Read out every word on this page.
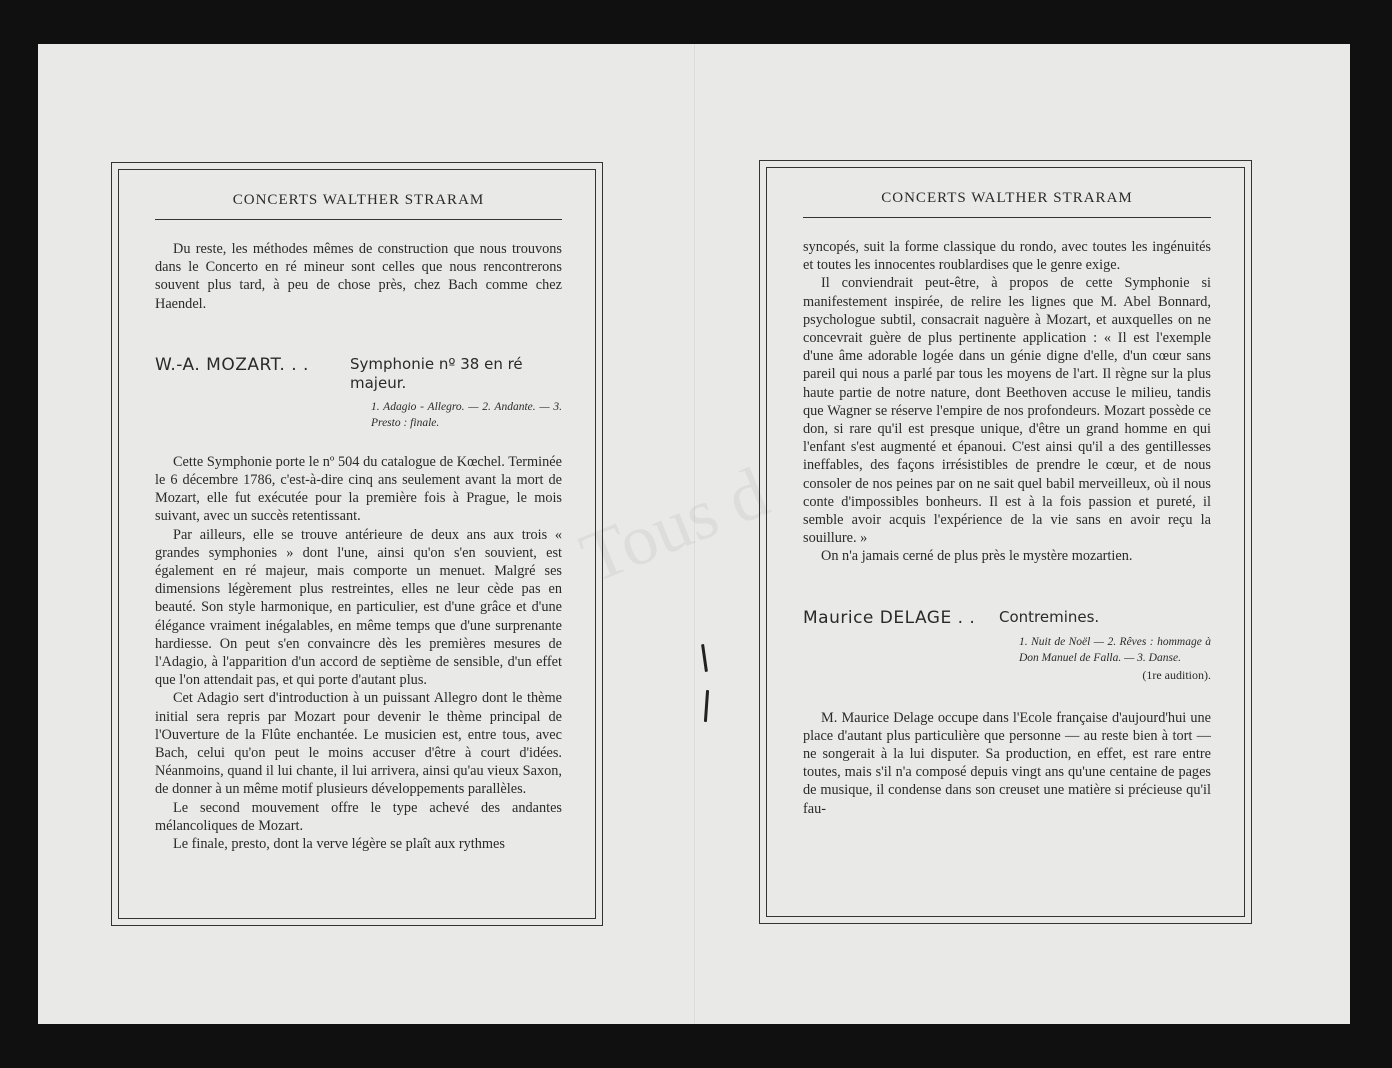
Tous d
CONCERTS WALTHER STRARAM

Du reste, les méthodes mêmes de construction que nous trouvons dans le Concerto en ré mineur sont celles que nous rencontrerons souvent plus tard, à peu de chose près, chez Bach comme chez Haendel.

W.-A. MOZART. . .	Symphonie nº 38 en ré majeur.
1. Adagio - Allegro. — 2. Andante. — 3. Presto : finale.

Cette Symphonie porte le nº 504 du catalogue de Kœchel. Terminée le 6 décembre 1786, c'est-à-dire cinq ans seulement avant la mort de Mozart, elle fut exécutée pour la première fois à Prague, le mois suivant, avec un succès retentissant.

Par ailleurs, elle se trouve antérieure de deux ans aux trois « grandes symphonies » dont l'une, ainsi qu'on s'en souvient, est également en ré majeur, mais comporte un menuet. Malgré ses dimensions légèrement plus restreintes, elles ne leur cède pas en beauté. Son style harmonique, en particulier, est d'une grâce et d'une élégance vraiment inégalables, en même temps que d'une surprenante hardiesse. On peut s'en convaincre dès les premières mesures de l'Adagio, à l'apparition d'un accord de septième de sensible, d'un effet que l'on attendait pas, et qui porte d'autant plus.

Cet Adagio sert d'introduction à un puissant Allegro dont le thème initial sera repris par Mozart pour devenir le thème principal de l'Ouverture de la Flûte enchantée. Le musicien est, entre tous, avec Bach, celui qu'on peut le moins accuser d'être à court d'idées. Néanmoins, quand il lui chante, il lui arrivera, ainsi qu'au vieux Saxon, de donner à un même motif plusieurs développements parallèles.

Le second mouvement offre le type achevé des andantes mélancoliques de Mozart.

Le finale, presto, dont la verve légère se plaît aux rythmes

CONCERTS WALTHER STRARAM

syncopés, suit la forme classique du rondo, avec toutes les ingénuités et toutes les innocentes roublardises que le genre exige.

Il conviendrait peut-être, à propos de cette Symphonie si manifestement inspirée, de relire les lignes que M. Abel Bonnard, psychologue subtil, consacrait naguère à Mozart, et auxquelles on ne concevrait guère de plus pertinente application : « Il est l'exemple d'une âme adorable logée dans un génie digne d'elle, d'un cœur sans pareil qui nous a parlé par tous les moyens de l'art. Il règne sur la plus haute partie de notre nature, dont Beethoven accuse le milieu, tandis que Wagner se réserve l'empire de nos profondeurs. Mozart possède ce don, si rare qu'il est presque unique, d'être un grand homme en qui l'enfant s'est augmenté et épanoui. C'est ainsi qu'il a des gentillesses ineffables, des façons irrésistibles de prendre le cœur, et de nous consoler de nos peines par on ne sait quel babil merveilleux, où il nous conte d'impossibles bonheurs. Il est à la fois passion et pureté, il semble avoir acquis l'expérience de la vie sans en avoir reçu la souillure. »

On n'a jamais cerné de plus près le mystère mozartien.

Maurice DELAGE . . Contremines.
1. Nuit de Noël — 2. Rêves : hommage à Don Manuel de Falla. — 3. Danse.
(1re audition).

M. Maurice Delage occupe dans l'Ecole française d'aujourd'hui une place d'autant plus particulière que personne — au reste bien à tort — ne songerait à la lui disputer. Sa production, en effet, est rare entre toutes, mais s'il n'a composé depuis vingt ans qu'une centaine de pages de musique, il condense dans son creuset une matière si précieuse qu'il fau-
